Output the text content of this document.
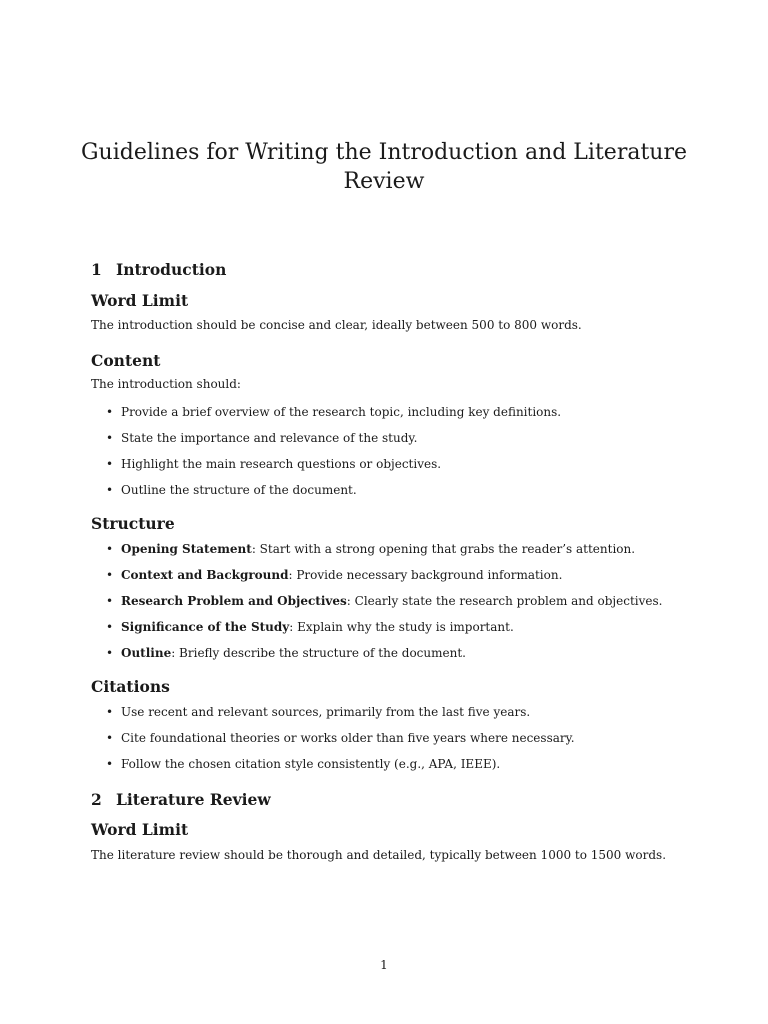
Guidelines for Writing the Introduction and Literature Review
1 Introduction
Word Limit

The introduction should be concise and clear, ideally between 500 to 800 words.

Content

The introduction should:

• Provide a brief overview of the research topic, including key definitions.
• State the importance and relevance of the study.
• Highlight the main research questions or objectives.
• Outline the structure of the document.
Structure
• Opening Statement: Start with a strong opening that grabs the reader’s attention.
• Context and Background: Provide necessary background information.
• Research Problem and Objectives: Clearly state the research problem and objectives.
• Significance of the Study: Explain why the study is important.
• Outline: Briefly describe the structure of the document.
Citations
• Use recent and relevant sources, primarily from the last five years.
• Cite foundational theories or works older than five years where necessary.
• Follow the chosen citation style consistently (e.g., APA, IEEE).
2 Literature Review
Word Limit

The literature review should be thorough and detailed, typically between 1000 to 1500 words.

1
